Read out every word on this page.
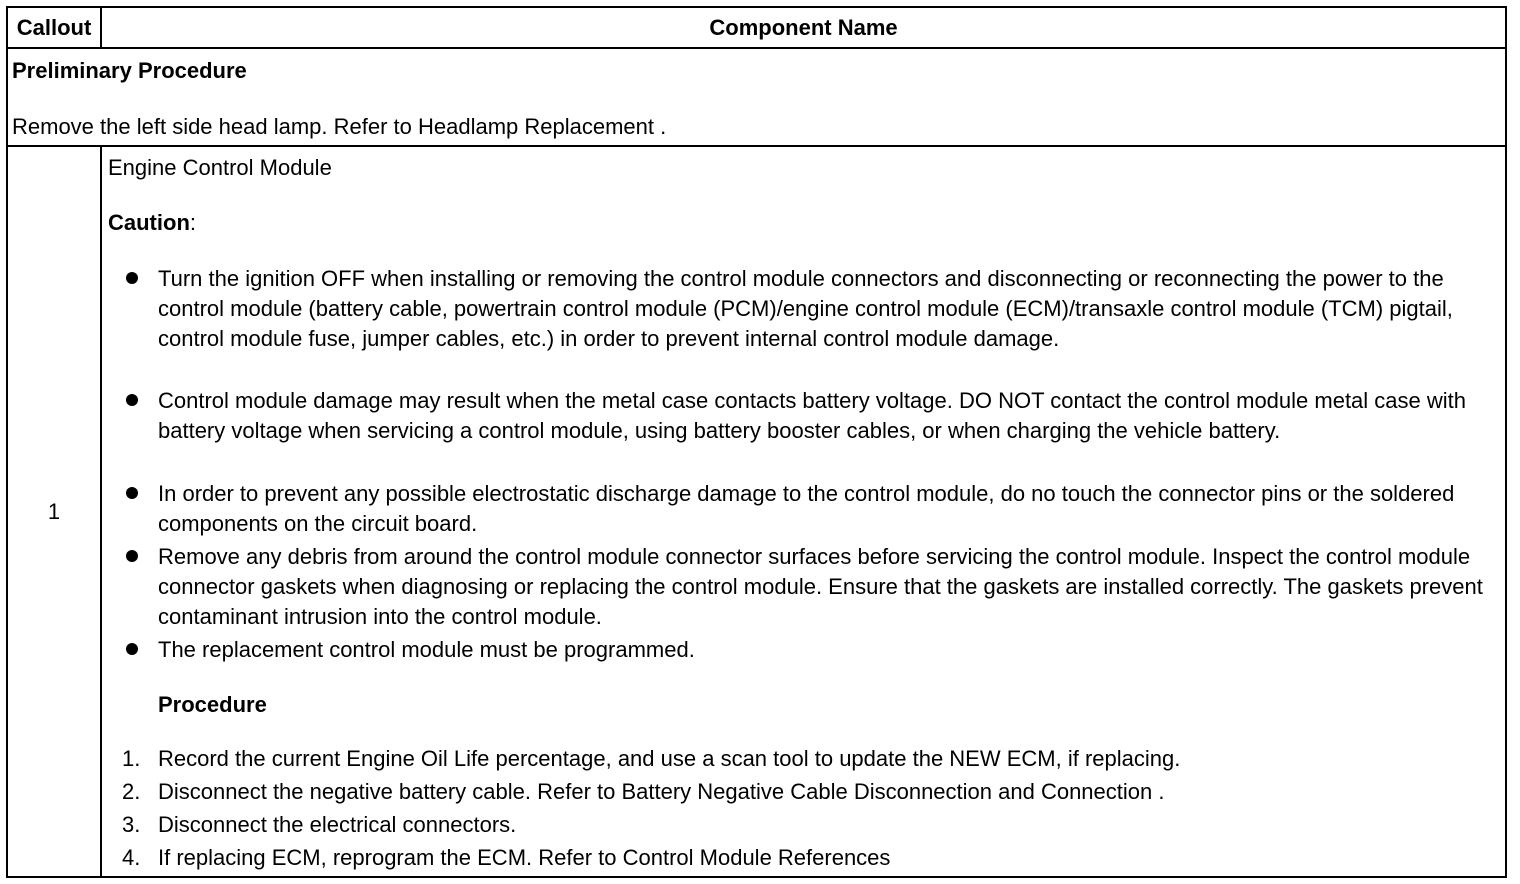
Callout	Component Name
Preliminary Procedure
Remove the left side head lamp. Refer to Headlamp Replacement .
1
Engine Control Module
Caution:
Turn the ignition OFF when installing or removing the control module connectors and disconnecting or reconnecting the power to the control module (battery cable, powertrain control module (PCM)/engine control module (ECM)/transaxle control module (TCM) pigtail, control module fuse, jumper cables, etc.) in order to prevent internal control module damage.
Control module damage may result when the metal case contacts battery voltage. DO NOT contact the control module metal case with battery voltage when servicing a control module, using battery booster cables, or when charging the vehicle battery.
In order to prevent any possible electrostatic discharge damage to the control module, do no touch the connector pins or the soldered components on the circuit board.
Remove any debris from around the control module connector surfaces before servicing the control module. Inspect the control module connector gaskets when diagnosing or replacing the control module. Ensure that the gaskets are installed correctly. The gaskets prevent contaminant intrusion into the control module.
The replacement control module must be programmed.
Procedure
1. Record the current Engine Oil Life percentage, and use a scan tool to update the NEW ECM, if replacing.
2. Disconnect the negative battery cable. Refer to Battery Negative Cable Disconnection and Connection .
3. Disconnect the electrical connectors.
4. If replacing ECM, reprogram the ECM. Refer to Control Module References
